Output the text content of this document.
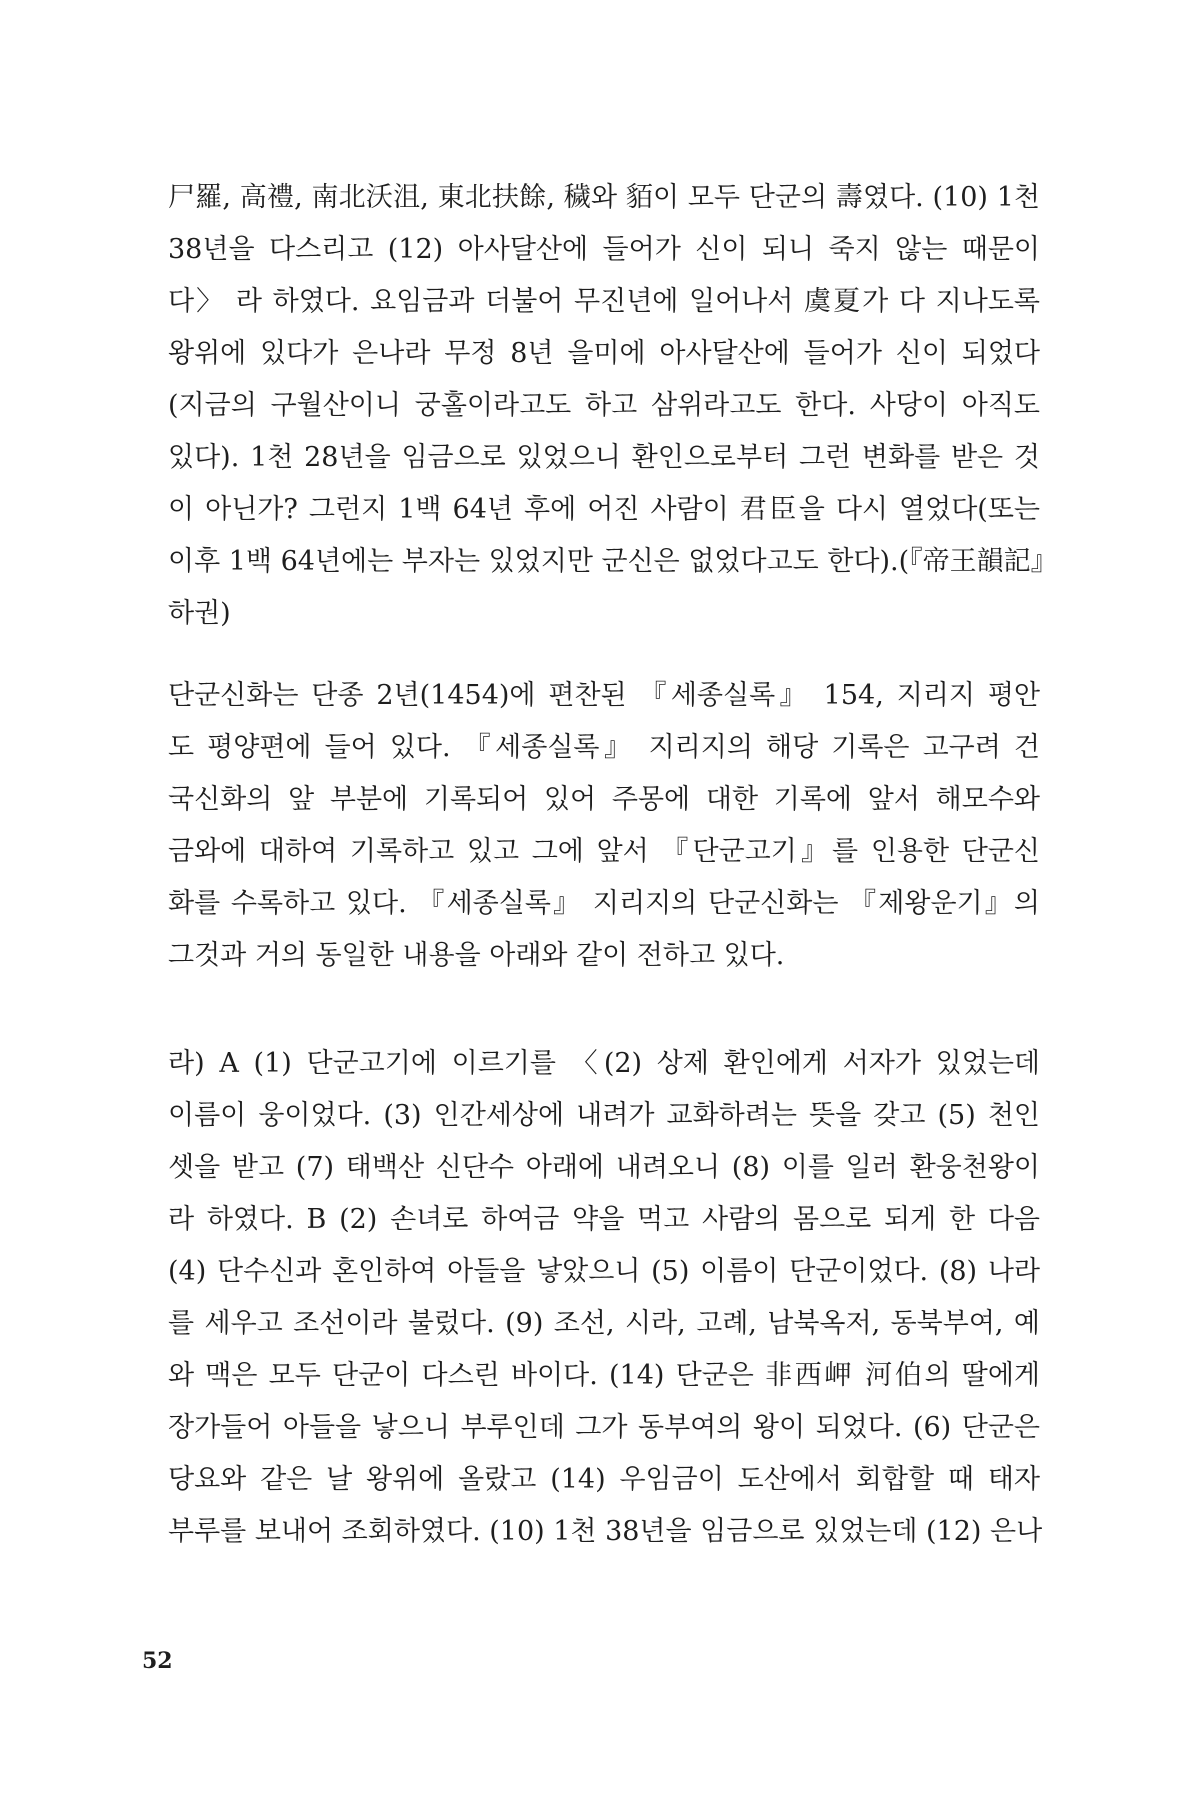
尸羅, 高禮, 南北沃沮, 東北扶餘, 穢와 貊이 모두 단군의 壽였다. (10) 1천
38년을 다스리고 (12) 아사달산에 들어가 신이 되니 죽지 않는 때문이
다〉 라 하였다. 요임금과 더불어 무진년에 일어나서 虞夏가 다 지나도록
왕위에 있다가 은나라 무정 8년 을미에 아사달산에 들어가 신이 되었다
(지금의 구월산이니 궁홀이라고도 하고 삼위라고도 한다. 사당이 아직도
있다). 1천 28년을 임금으로 있었으니 환인으로부터 그런 변화를 받은 것
이 아닌가? 그런지 1백 64년 후에 어진 사람이 君臣을 다시 열었다(또는
이후 1백 64년에는 부자는 있었지만 군신은 없었다고도 한다).(『帝王韻記』
하권)
단군신화는 단종 2년(1454)에 편찬된 『세종실록』 154, 지리지 평안
도 평양편에 들어 있다. 『세종실록』 지리지의 해당 기록은 고구려 건
국신화의 앞 부분에 기록되어 있어 주몽에 대한 기록에 앞서 해모수와
금와에 대하여 기록하고 있고 그에 앞서 『단군고기』를 인용한 단군신
화를 수록하고 있다. 『세종실록』 지리지의 단군신화는 『제왕운기』의
그것과 거의 동일한 내용을 아래와 같이 전하고 있다.
라) A (1) 단군고기에 이르기를 〈(2) 상제 환인에게 서자가 있었는데
이름이 웅이었다. (3) 인간세상에 내려가 교화하려는 뜻을 갖고 (5) 천인
셋을 받고 (7) 태백산 신단수 아래에 내려오니 (8) 이를 일러 환웅천왕이
라 하였다. B (2) 손녀로 하여금 약을 먹고 사람의 몸으로 되게 한 다음
(4) 단수신과 혼인하여 아들을 낳았으니 (5) 이름이 단군이었다. (8) 나라
를 세우고 조선이라 불렀다. (9) 조선, 시라, 고례, 남북옥저, 동북부여, 예
와 맥은 모두 단군이 다스린 바이다. (14) 단군은 非西岬 河伯의 딸에게
장가들어 아들을 낳으니 부루인데 그가 동부여의 왕이 되었다. (6) 단군은
당요와 같은 날 왕위에 올랐고 (14) 우임금이 도산에서 회합할 때 태자
부루를 보내어 조회하였다. (10) 1천 38년을 임금으로 있었는데 (12) 은나
52
